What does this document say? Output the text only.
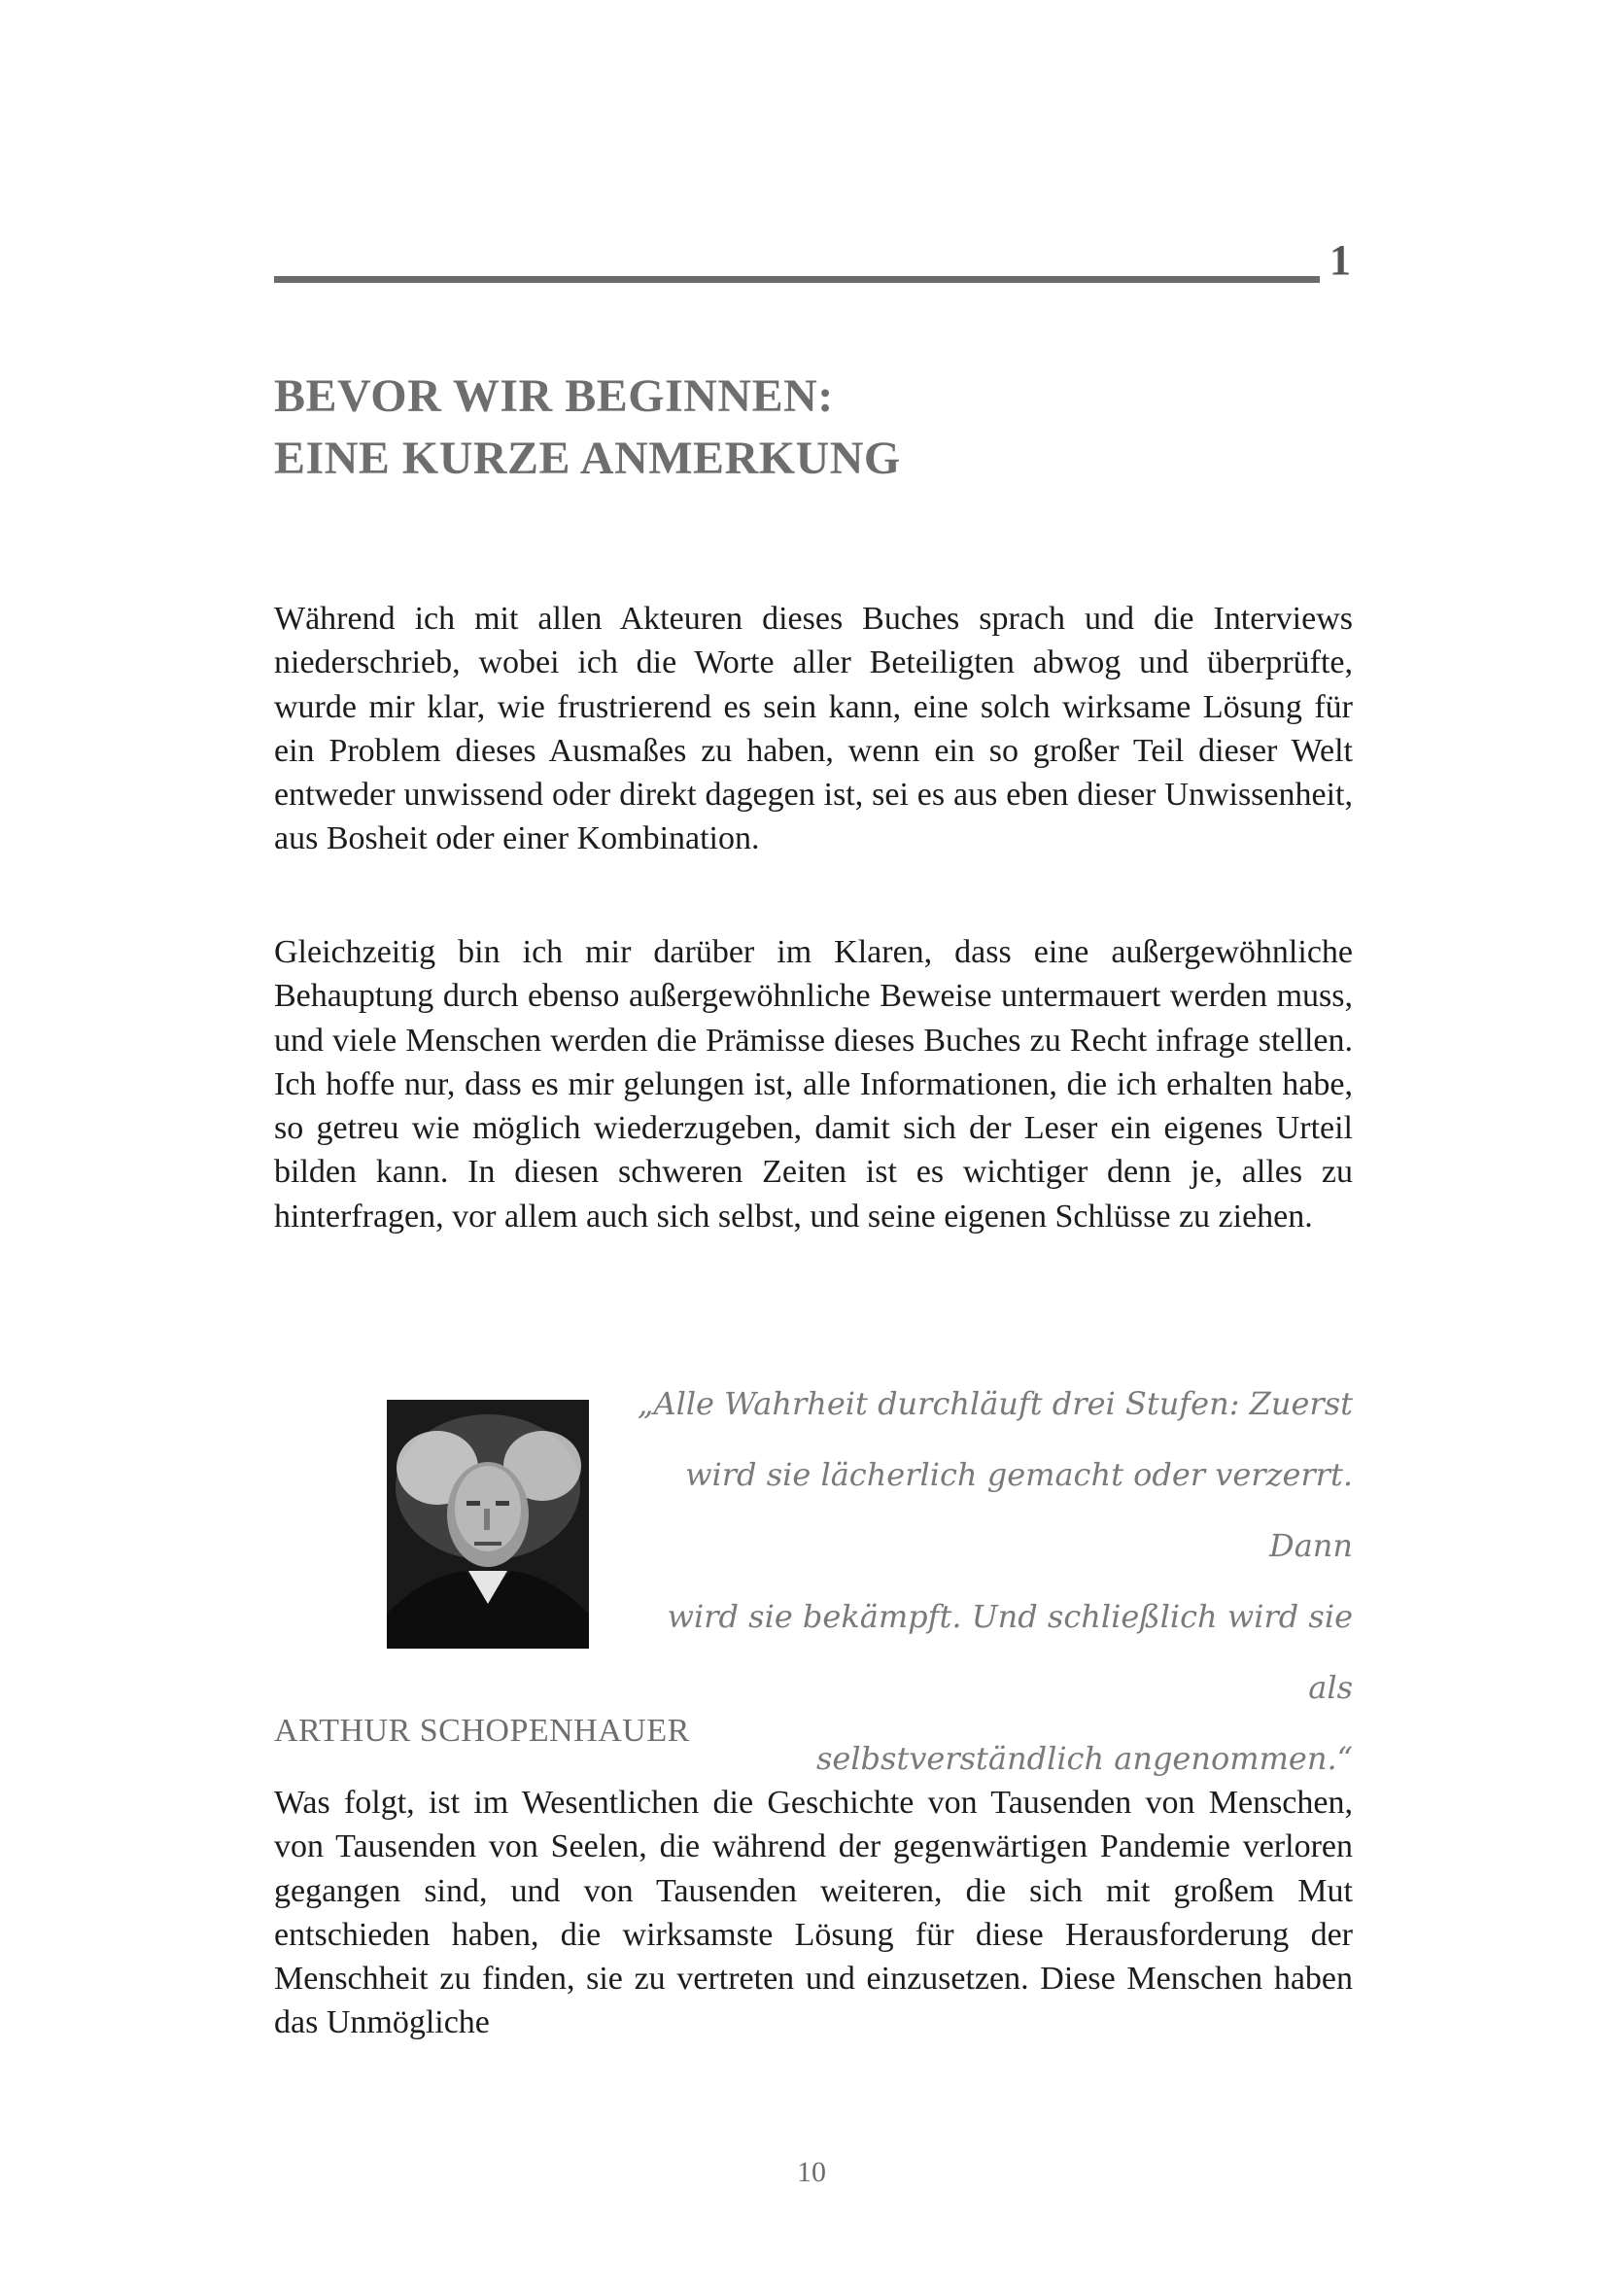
1
BEVOR WIR BEGINNEN:
EINE KURZE ANMERKUNG

Während ich mit allen Akteuren dieses Buches sprach und die Interviews niederschrieb, wobei ich die Worte aller Beteiligten abwog und überprüfte, wurde mir klar, wie frustrierend es sein kann, eine solch wirksame Lösung für ein Problem dieses Ausmaßes zu haben, wenn ein so großer Teil dieser Welt entweder unwissend oder direkt dagegen ist, sei es aus eben dieser Unwissenheit, aus Bosheit oder einer Kombination.

Gleichzeitig bin ich mir darüber im Klaren, dass eine außergewöhnliche Behauptung durch ebenso außergewöhnliche Beweise untermauert werden muss, und viele Menschen werden die Prämisse dieses Buches zu Recht infrage stellen. Ich hoffe nur, dass es mir gelungen ist, alle Informationen, die ich erhalten habe, so getreu wie möglich wiederzugeben, damit sich der Leser ein eigenes Urteil bilden kann. In diesen schweren Zeiten ist es wichtiger denn je, alles zu hinterfragen, vor allem auch sich selbst, und seine eigenen Schlüsse zu ziehen.

„Alle Wahrheit durchläuft drei Stufen: Zuerst
wird sie lächerlich gemacht oder verzerrt. Dann
wird sie bekämpft. Und schließlich wird sie als
selbstverständlich angenommen.“

ARTHUR SCHOPENHAUER

Was folgt, ist im Wesentlichen die Geschichte von Tausenden von Menschen, von Tausenden von Seelen, die während der gegenwärtigen Pandemie verloren gegangen sind, und von Tausenden weiteren, die sich mit großem Mut entschieden haben, die wirksamste Lösung für diese Herausforderung der Menschheit zu finden, sie zu vertreten und einzusetzen. Diese Menschen haben das Unmögliche

10
